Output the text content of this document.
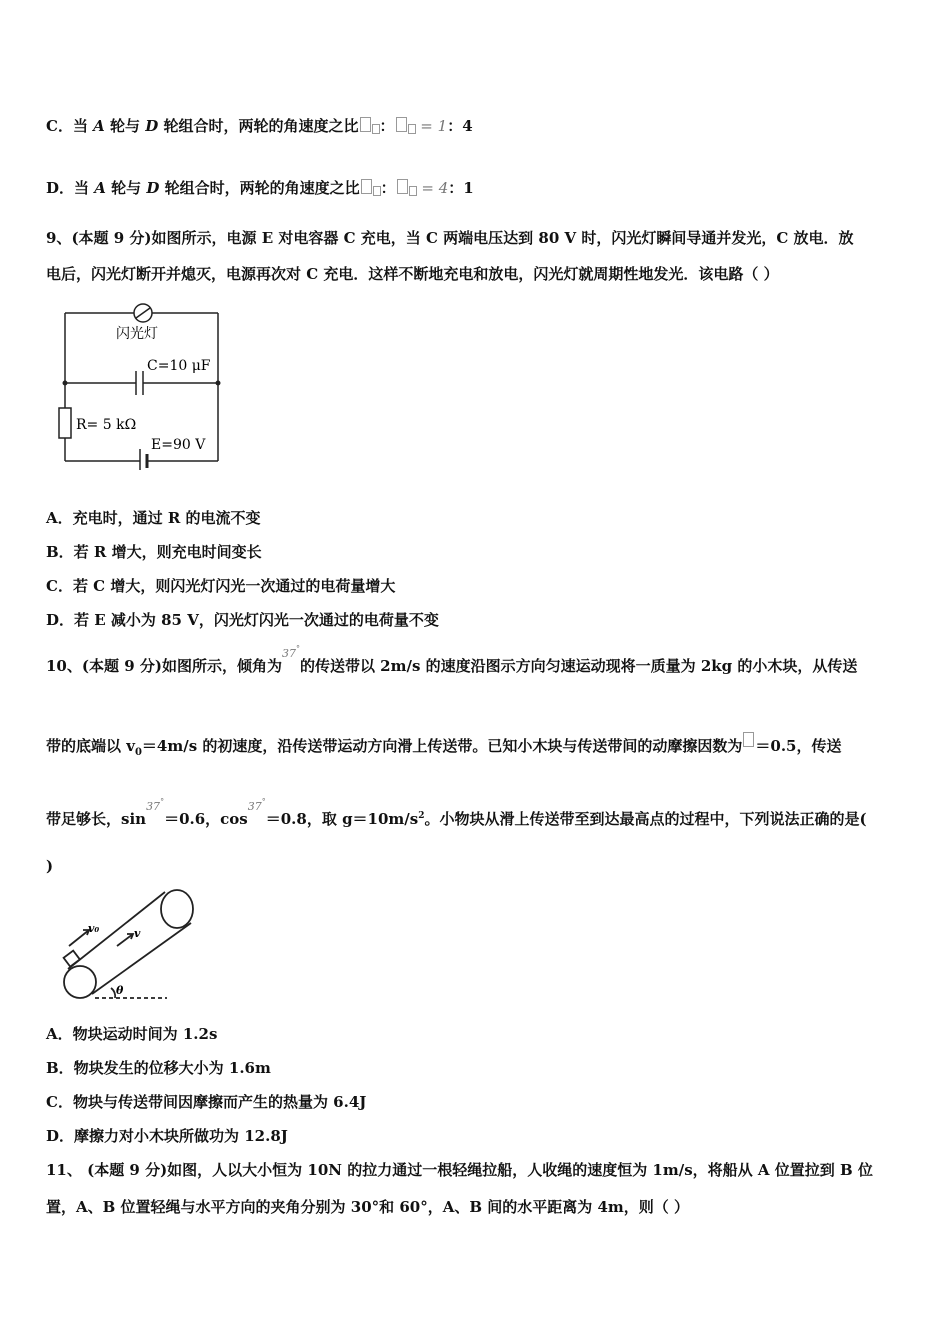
C．当 A 轮与 D 轮组合时，两轮的角速度之比 ： = 1：4
D．当 A 轮与 D 轮组合时，两轮的角速度之比 ： = 4：1
9、(本题 9 分)如图所示，电源 E 对电容器 C 充电，当 C 两端电压达到 80 V 时，闪光灯瞬间导通并发光，C 放电．放
电后，闪光灯断开并熄灭，电源再次对 C 充电．这样不断地充电和放电，闪光灯就周期性地发光．该电路（ ）
闪光灯
C=10 μF
R= 5 kΩ
E=90 V
A．充电时，通过 R 的电流不变
B．若 R 增大，则充电时间变长
C．若 C 增大，则闪光灯闪光一次通过的电荷量增大
D．若 E 减小为 85 V，闪光灯闪光一次通过的电荷量不变
10、(本题 9 分)如图所示，倾角为$^{37^\circ}$的传送带以 2m/s 的速度沿图示方向匀速运动现将一质量为 2kg 的小木块，从传送
带的底端以 $v_0=4m/s$ 的初速度，沿传送带运动方向滑上传送带。已知小木块与传送带间的动摩擦因数为 ＝0.5，传送
带足够长，$\sin^{37^\circ}=0.6$，$\cos^{37^\circ}=0.8$，取 $g=10m/s^2$。小物块从滑上传送带至到达最高点的过程中，下列说法正确的是(
)
v₀	v
θ
A．物块运动时间为 1.2s
B．物块发生的位移大小为 1.6m
C．物块与传送带间因摩擦而产生的热量为 6.4J
D．摩擦力对小木块所做功为 12.8J
11、 (本题 9 分)如图，人以大小恒为 10N 的拉力通过一根轻绳拉船，人收绳的速度恒为 1m/s，将船从 A 位置拉到 B 位
置，A、B 位置轻绳与水平方向的夹角分别为 30°和 60°，A、B 间的水平距离为 4m，则（ ）
